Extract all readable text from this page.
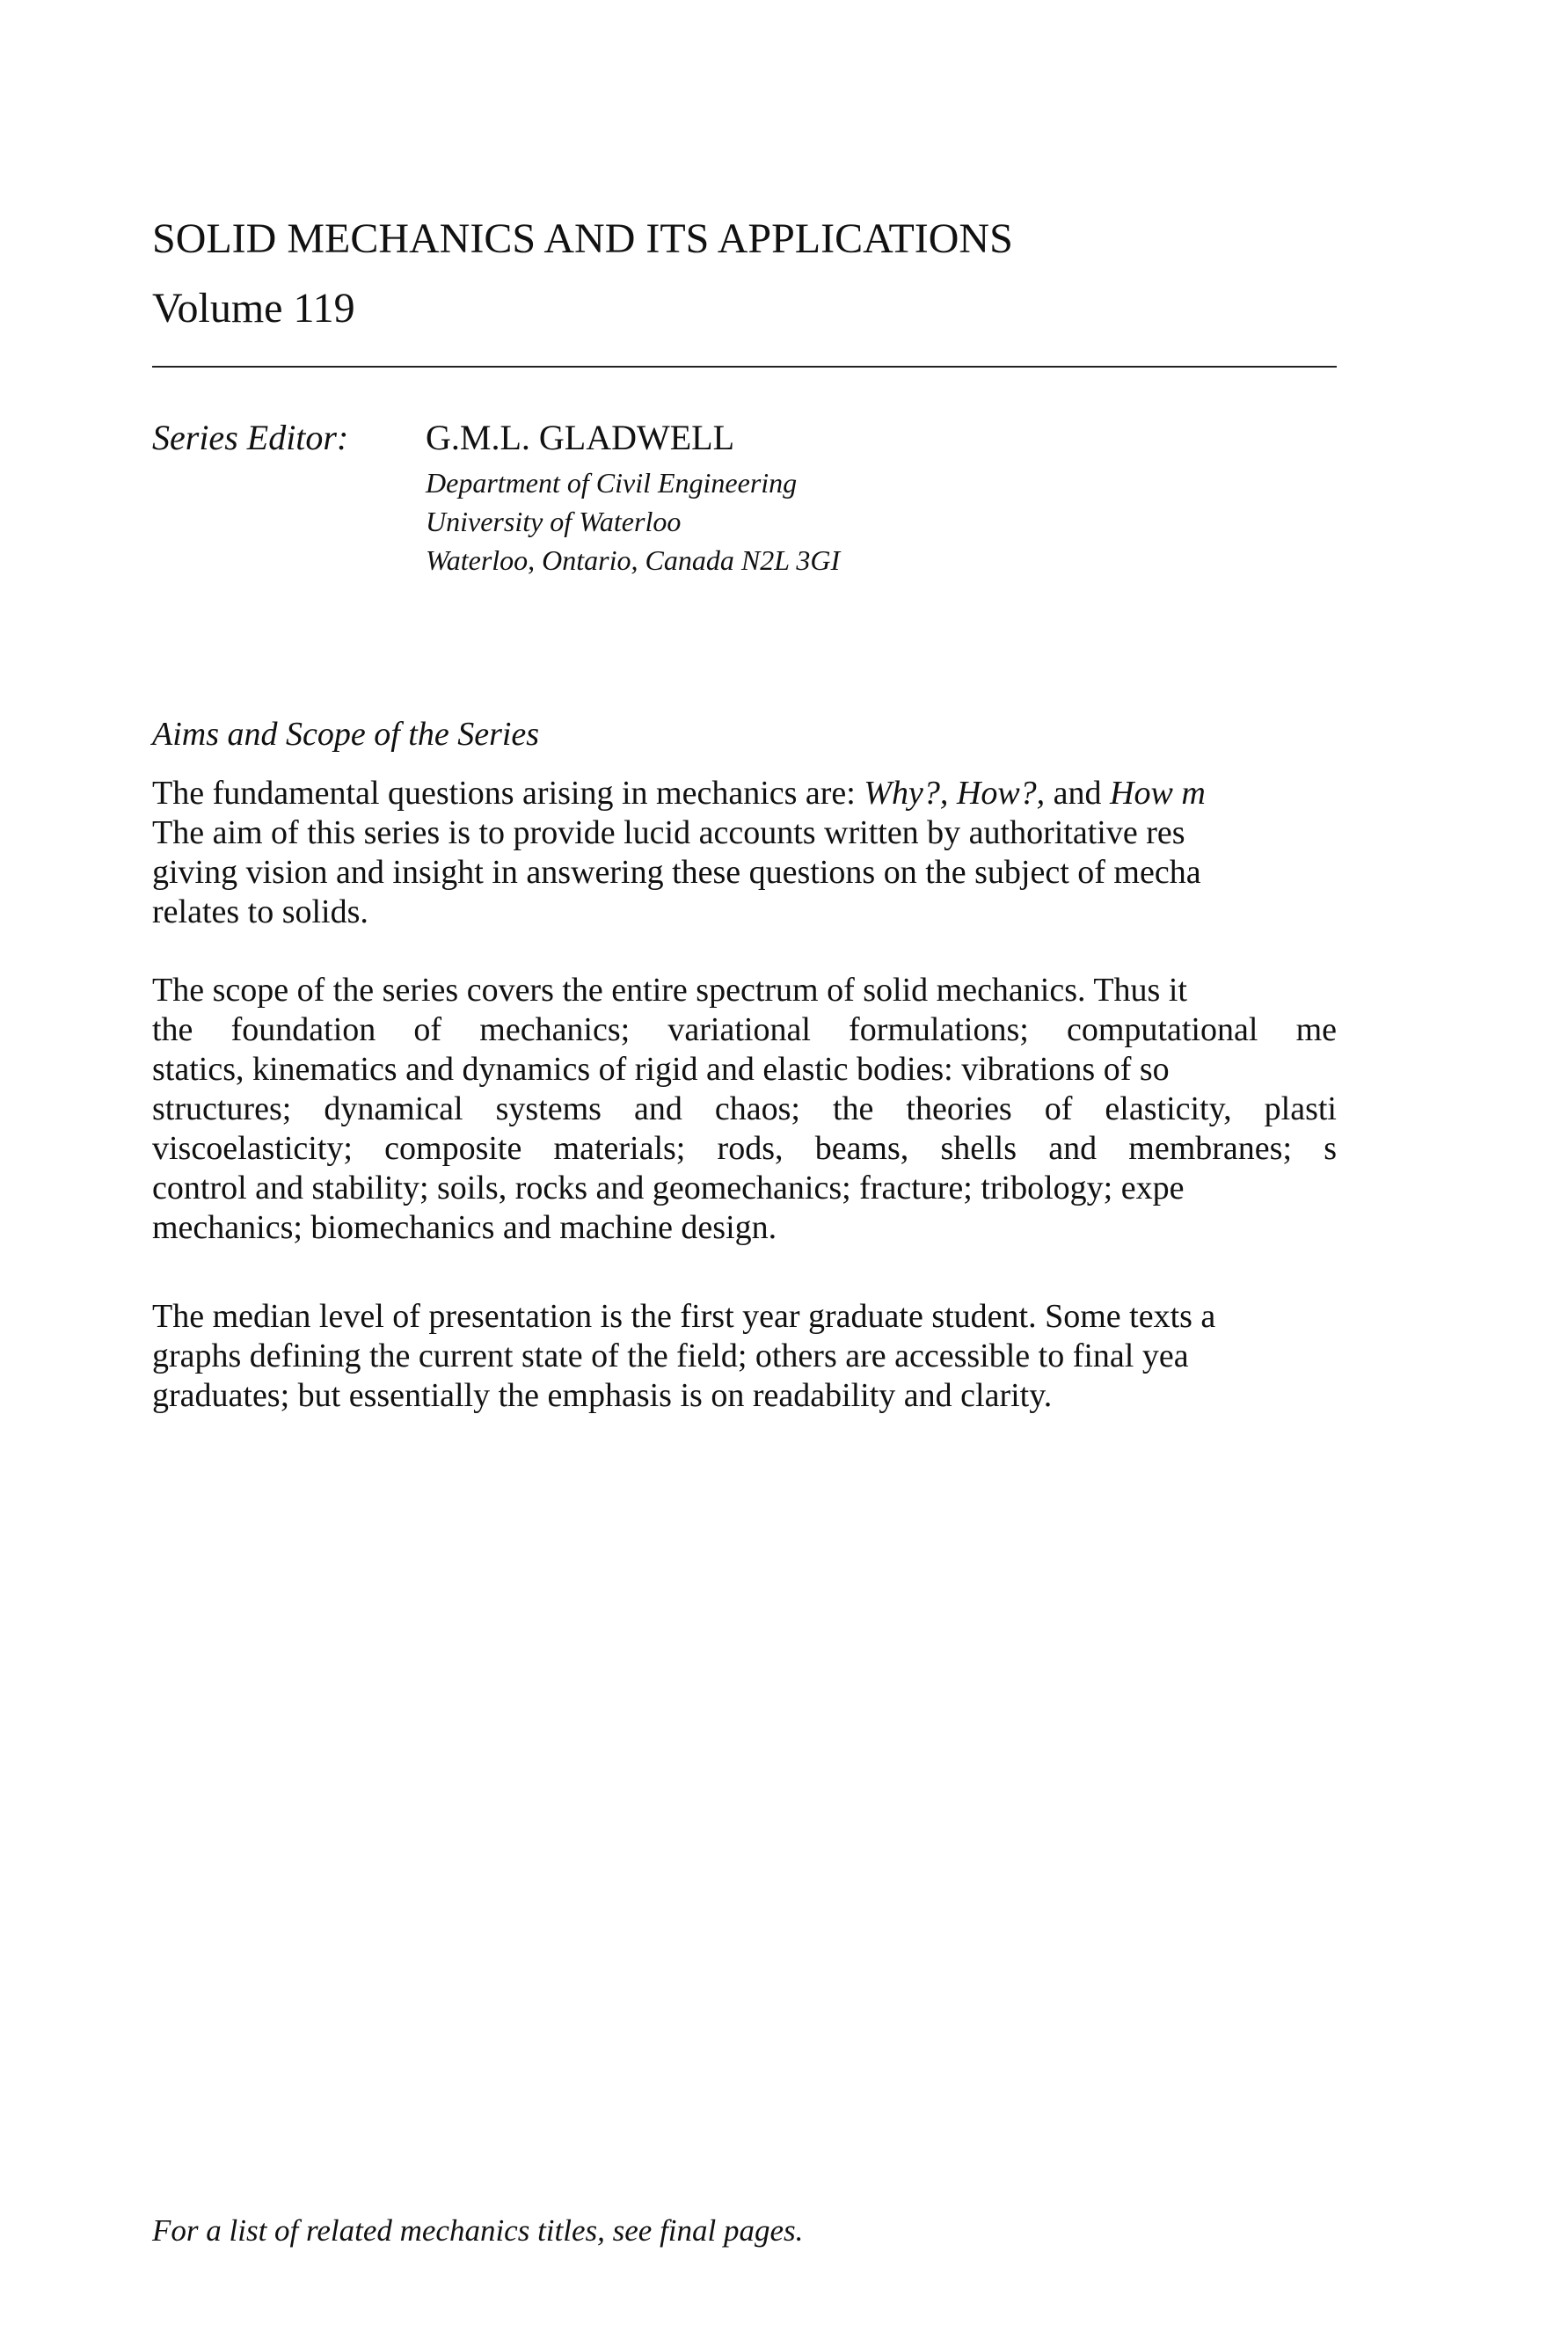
SOLID MECHANICS AND ITS APPLICATIONS
Volume 119
Series Editor: G.M.L. GLADWELL
Department of Civil Engineering
University of Waterloo
Waterloo, Ontario, Canada N2L 3GI
Aims and Scope of the Series
The fundamental questions arising in mechanics are: Why?, How?, and How m
The aim of this series is to provide lucid accounts written by authoritative res
giving vision and insight in answering these questions on the subject of mecha
relates to solids.
The scope of the series covers the entire spectrum of solid mechanics. Thus it
the foundation of mechanics; variational formulations; computational me
statics, kinematics and dynamics of rigid and elastic bodies: vibrations of so
structures; dynamical systems and chaos; the theories of elasticity, plasti
viscoelasticity; composite materials; rods, beams, shells and membranes; s
control and stability; soils, rocks and geomechanics; fracture; tribology; expe
mechanics; biomechanics and machine design.
The median level of presentation is the first year graduate student. Some texts a
graphs defining the current state of the field; others are accessible to final yea
graduates; but essentially the emphasis is on readability and clarity.
For a list of related mechanics titles, see final pages.
